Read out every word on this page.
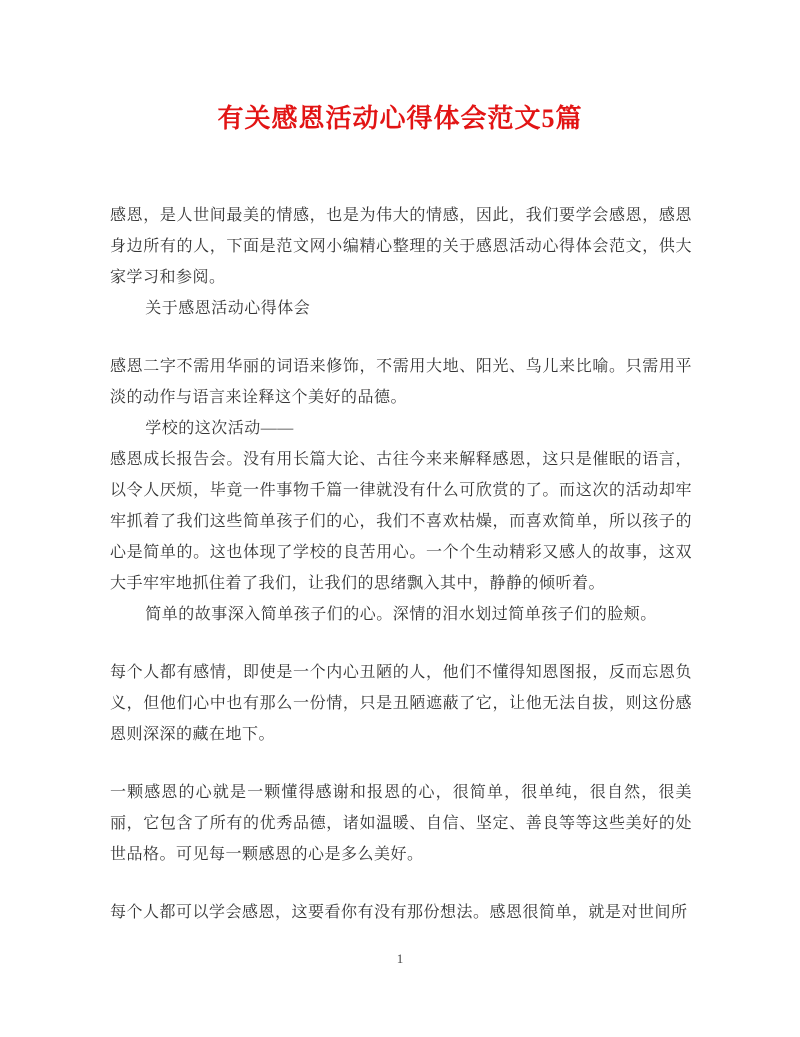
有关感恩活动心得体会范文5篇
感恩，是人世间最美的情感，也是为伟大的情感，因此，我们要学会感恩，感恩身边所有的人，下面是范文网小编精心整理的关于感恩活动心得体会范文，供大家学习和参阅。
关于感恩活动心得体会
感恩二字不需用华丽的词语来修饰，不需用大地、阳光、鸟儿来比喻。只需用平淡的动作与语言来诠释这个美好的品德。
学校的这次活动——
感恩成长报告会。没有用长篇大论、古往今来来解释感恩，这只是催眠的语言，以令人厌烦，毕竟一件事物千篇一律就没有什么可欣赏的了。而这次的活动却牢牢抓着了我们这些简单孩子们的心，我们不喜欢枯燥，而喜欢简单，所以孩子的心是简单的。这也体现了学校的良苦用心。一个个生动精彩又感人的故事，这双大手牢牢地抓住着了我们，让我们的思绪飘入其中，静静的倾听着。
简单的故事深入简单孩子们的心。深情的泪水划过简单孩子们的脸颊。
每个人都有感情，即使是一个内心丑陋的人，他们不懂得知恩图报，反而忘恩负义，但他们心中也有那么一份情，只是丑陋遮蔽了它，让他无法自拔，则这份感恩则深深的藏在地下。
一颗感恩的心就是一颗懂得感谢和报恩的心，很简单，很单纯，很自然，很美丽，它包含了所有的优秀品德，诸如温暖、自信、坚定、善良等等这些美好的处世品格。可见每一颗感恩的心是多么美好。
每个人都可以学会感恩，这要看你有没有那份想法。感恩很简单，就是对世间所
1
